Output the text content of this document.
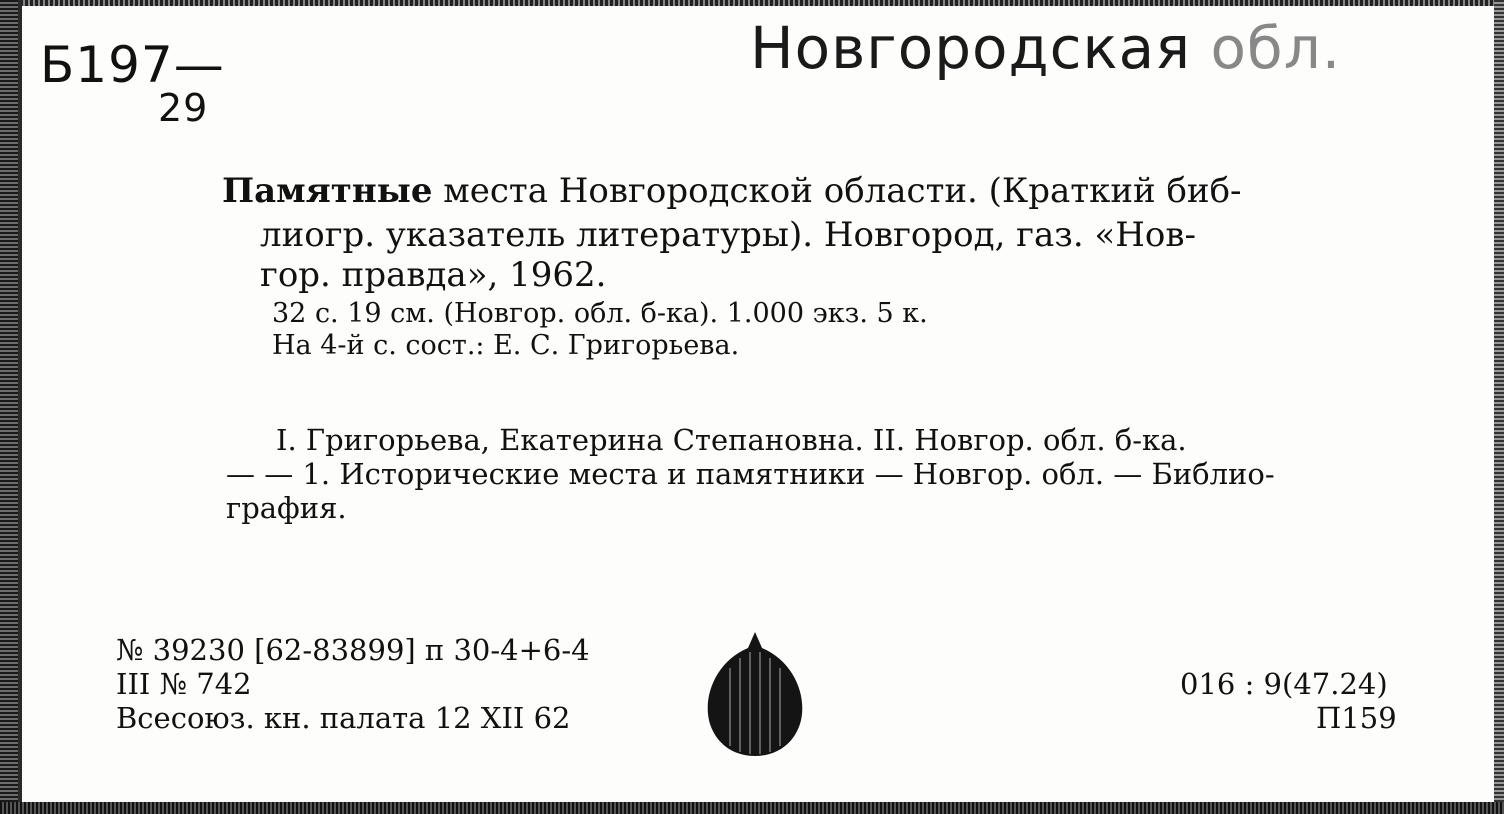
Б197—
29
Новгородская обл.
Памятные места Новгородской области. (Краткий биб-
лиогр. указатель литературы). Новгород, газ. «Нов-
гор. правда», 1962.
32 с. 19 см. (Новгор. обл. б-ка). 1.000 экз. 5 к.
На 4-й с. сост.: Е. С. Григорьева.
I. Григорьева, Екатерина Степановна. II. Новгор. обл. б-ка.
— — 1. Исторические места и памятники — Новгор. обл. — Библио-
графия.
№ 39230 [62-83899] п 30-4+6-4
III № 742
Всесоюз. кн. палата 12 XII 62
016 : 9(47.24)
П159
